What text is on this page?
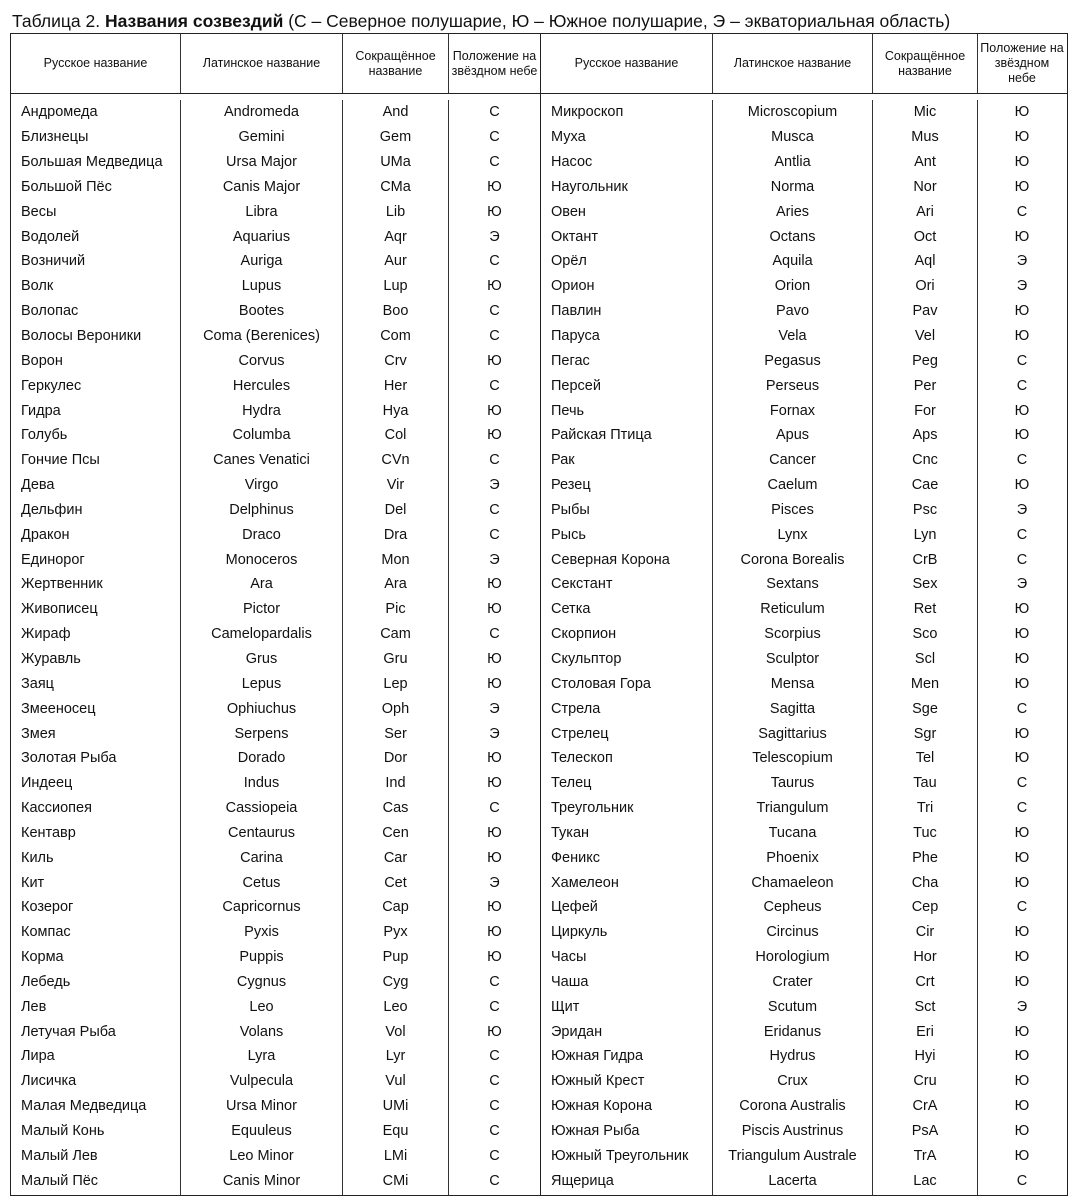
Таблица 2. Названия созвездий (С – Северное полушарие, Ю – Южное полушарие, Э – экваториальная область)
Русское название	Латинское название
Сокращённое название
Положение на звёздном небе
Андромеда
Близнецы
Большая Медведица
Большой Пёс
Весы
Водолей
Возничий
Волк
Волопас
Волосы Вероники
Ворон
Геркулес
Гидра
Голубь
Гончие Псы
Дева
Дельфин
Дракон
Единорог
Жертвенник
Живописец
Жираф
Журавль
Заяц
Змееносец
Змея
Золотая Рыба
Индеец
Кассиопея
Кентавр
Киль
Кит
Козерог
Компас
Корма
Лебедь
Лев
Летучая Рыба
Лира
Лисичка
Малая Медведица
Малый Конь
Малый Лев
Малый Пёс
Andromeda
Gemini
Ursa Major
Canis Major
Libra
Aquarius
Auriga
Lupus
Bootes
Coma (Berenices)
Corvus
Hercules
Hydra
Columba
Canes Venatici
Virgo
Delphinus
Draco
Monoceros
Ara
Pictor
Camelopardalis
Grus
Lepus
Ophiuchus
Serpens
Dorado
Indus
Cassiopeia
Centaurus
Carina
Cetus
Capricornus
Pyxis
Puppis
Cygnus
Leo
Volans
Lyra
Vulpecula
Ursa Minor
Equuleus
Leo Minor
Canis Minor
And
Gem
UMa
CMa
Lib
Aqr
Aur
Lup
Boo
Com
Crv
Her
Hya
Col
CVn
Vir
Del
Dra
Mon
Ara
Pic
Cam
Gru
Lep
Oph
Ser
Dor
Ind
Cas
Cen
Car
Cet
Cap
Pyx
Pup
Cyg
Leo
Vol
Lyr
Vul
UMi
Equ
LMi
CMi
С
С
С
Ю
Ю
Э
С
Ю
С
С
Ю
С
Ю
Ю
С
Э
С
С
Э
Ю
Ю
С
Ю
Ю
Э
Э
Ю
Ю
С
Ю
Ю
Э
Ю
Ю
Ю
С
С
Ю
С
С
С
С
С
С
Русское название	Латинское название
Сокращённое название
Положение на звёздном небе
Микроскоп
Муха
Насос
Наугольник
Овен
Октант
Орёл
Орион
Павлин
Паруса
Пегас
Персей
Печь
Райская Птица
Рак
Резец
Рыбы
Рысь
Северная Корона
Секстант
Сетка
Скорпион
Скульптор
Столовая Гора
Стрела
Стрелец
Телескоп
Телец
Треугольник
Тукан
Феникс
Хамелеон
Цефей
Циркуль
Часы
Чаша
Щит
Эридан
Южная Гидра
Южный Крест
Южная Корона
Южная Рыба
Южный Треугольник
Ящерица
Microscopium
Musca
Antlia
Norma
Aries
Octans
Aquila
Orion
Pavo
Vela
Pegasus
Perseus
Fornax
Apus
Cancer
Caelum
Pisces
Lynx
Corona Borealis
Sextans
Reticulum
Scorpius
Sculptor
Mensa
Sagitta
Sagittarius
Telescopium
Taurus
Triangulum
Tucana
Phoenix
Chamaeleon
Cepheus
Circinus
Horologium
Crater
Scutum
Eridanus
Hydrus
Crux
Corona Australis
Piscis Austrinus
Triangulum Australe
Lacerta
Mic
Mus
Ant
Nor
Ari
Oct
Aql
Ori
Pav
Vel
Peg
Per
For
Aps
Cnc
Cae
Psc
Lyn
CrB
Sex
Ret
Sco
Scl
Men
Sge
Sgr
Tel
Tau
Tri
Tuc
Phe
Cha
Cep
Cir
Hor
Crt
Sct
Eri
Hyi
Cru
CrA
PsA
TrA
Lac
Ю
Ю
Ю
Ю
С
Ю
Э
Э
Ю
Ю
С
С
Ю
Ю
С
Ю
Э
С
С
Э
Ю
Ю
Ю
Ю
С
Ю
Ю
С
С
Ю
Ю
Ю
С
Ю
Ю
Ю
Э
Ю
Ю
Ю
Ю
Ю
Ю
С
